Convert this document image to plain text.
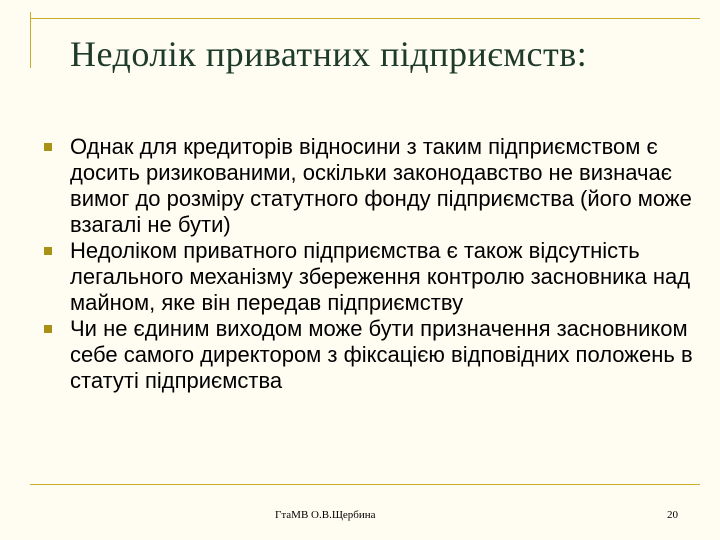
Недолік приватних підприємств:
Однак для кредиторів відносини з таким підприємством є досить ризикованими, оскільки законодавство не визначає вимог до розміру статутного фонду підприємства (його може взагалі не бути)
Недоліком приватного підприємства є також відсутність легального механізму збереження контролю засновника над майном, яке він передав підприємству
Чи не єдиним виходом може бути призначення засновником себе самого директором з фіксацією відповідних положень в статуті підприємства
ГтаМВ О.В.Щербина	20
